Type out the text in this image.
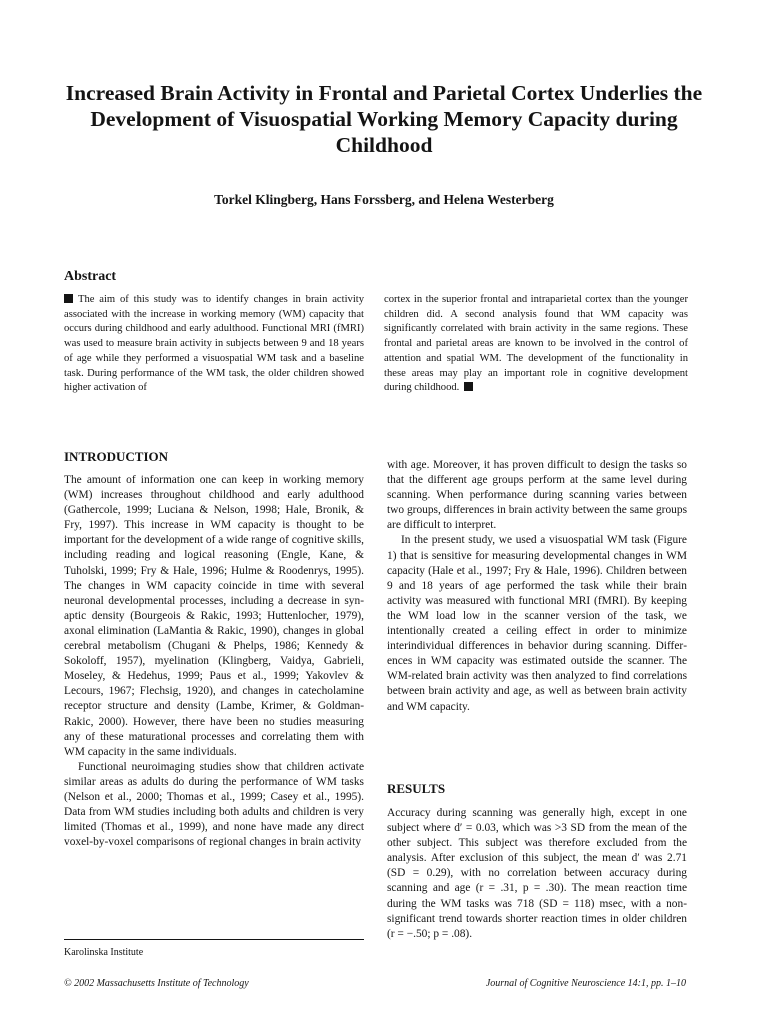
Increased Brain Activity in Frontal and Parietal Cortex Underlies the Development of Visuospatial Working Memory Capacity during Childhood
Torkel Klingberg, Hans Forssberg, and Helena Westerberg
Abstract
The aim of this study was to identify changes in brain activity associated with the increase in working memory (WM) capacity that occurs during childhood and early adulthood. Functional MRI (fMRI) was used to measure brain activity in subjects between 9 and 18 years of age while they performed a visuospatial WM task and a baseline task. During performance of the WM task, the older children showed higher activation of
cortex in the superior frontal and intraparietal cortex than the younger children did. A second analysis found that WM capacity was significantly correlated with brain activity in the same regions. These frontal and parietal areas are known to be involved in the control of attention and spatial WM. The development of the functionality in these areas may play an important role in cognitive development during childhood.
INTRODUCTION

The amount of information one can keep in working memory (WM) increases throughout childhood and early adulthood (Gathercole, 1999; Luciana & Nelson, 1998; Hale, Bronik, & Fry, 1997). This increase in WM capacity is thought to be important for the development of a wide range of cognitive skills, including reading and logical reasoning (Engle, Kane, & Tuholski, 1999; Fry & Hale, 1996; Hulme & Roodenrys, 1995). The changes in WM capacity coincide in time with several neuronal developmental processes, including a decrease in synaptic density (Bourgeois & Rakic, 1993; Huttenlocher, 1979), axonal elimination (LaMantia & Rakic, 1990), changes in global cerebral metabolism (Chugani & Phelps, 1986; Kennedy & Sokoloff, 1957), myelination (Klingberg, Vaidya, Gabrieli, Moseley, & Hedehus, 1999; Paus et al., 1999; Yakovlev & Lecours, 1967; Flechsig, 1920), and changes in catecholamine receptor structure and density (Lambe, Krimer, & Goldman-Rakic, 2000). However, there have been no studies measuring any of these maturational processes and correlating them with WM capacity in the same individuals.

Functional neuroimaging studies show that children activate similar areas as adults do during the performance of WM tasks (Nelson et al., 2000; Thomas et al., 1999; Casey et al., 1995). Data from WM studies including both adults and children is very limited (Thomas et al., 1999), and none have made any direct voxel-by-voxel comparisons of regional changes in brain activity

with age. Moreover, it has proven difficult to design the tasks so that the different age groups perform at the same level during scanning. When performance during scanning varies between two groups, differences in brain activity between the same groups are difficult to interpret.

In the present study, we used a visuospatial WM task (Figure 1) that is sensitive for measuring developmental changes in WM capacity (Hale et al., 1997; Fry & Hale, 1996). Children between 9 and 18 years of age performed the task while their brain activity was measured with functional MRI (fMRI). By keeping the WM load low in the scanner version of the task, we intentionally created a ceiling effect in order to minimize interindividual differences in behavior during scanning. Differences in WM capacity was estimated outside the scanner. The WM-related brain activity was then analyzed to find correlations between brain activity and age, as well as between brain activity and WM capacity.

RESULTS

Accuracy during scanning was generally high, except in one subject where d′ = 0.03, which was >3 SD from the mean of the other subject. This subject was therefore excluded from the analysis. After exclusion of this subject, the mean d′ was 2.71 (SD = 0.29), with no correlation between accuracy during scanning and age (r = .31, p = .30). The mean reaction time during the WM tasks was 718 (SD = 118) msec, with a non-significant trend towards shorter reaction times in older children (r = −.50; p = .08).

Karolinska Institute
© 2002 Massachusetts Institute of Technology	Journal of Cognitive Neuroscience 14:1, pp. 1–10
